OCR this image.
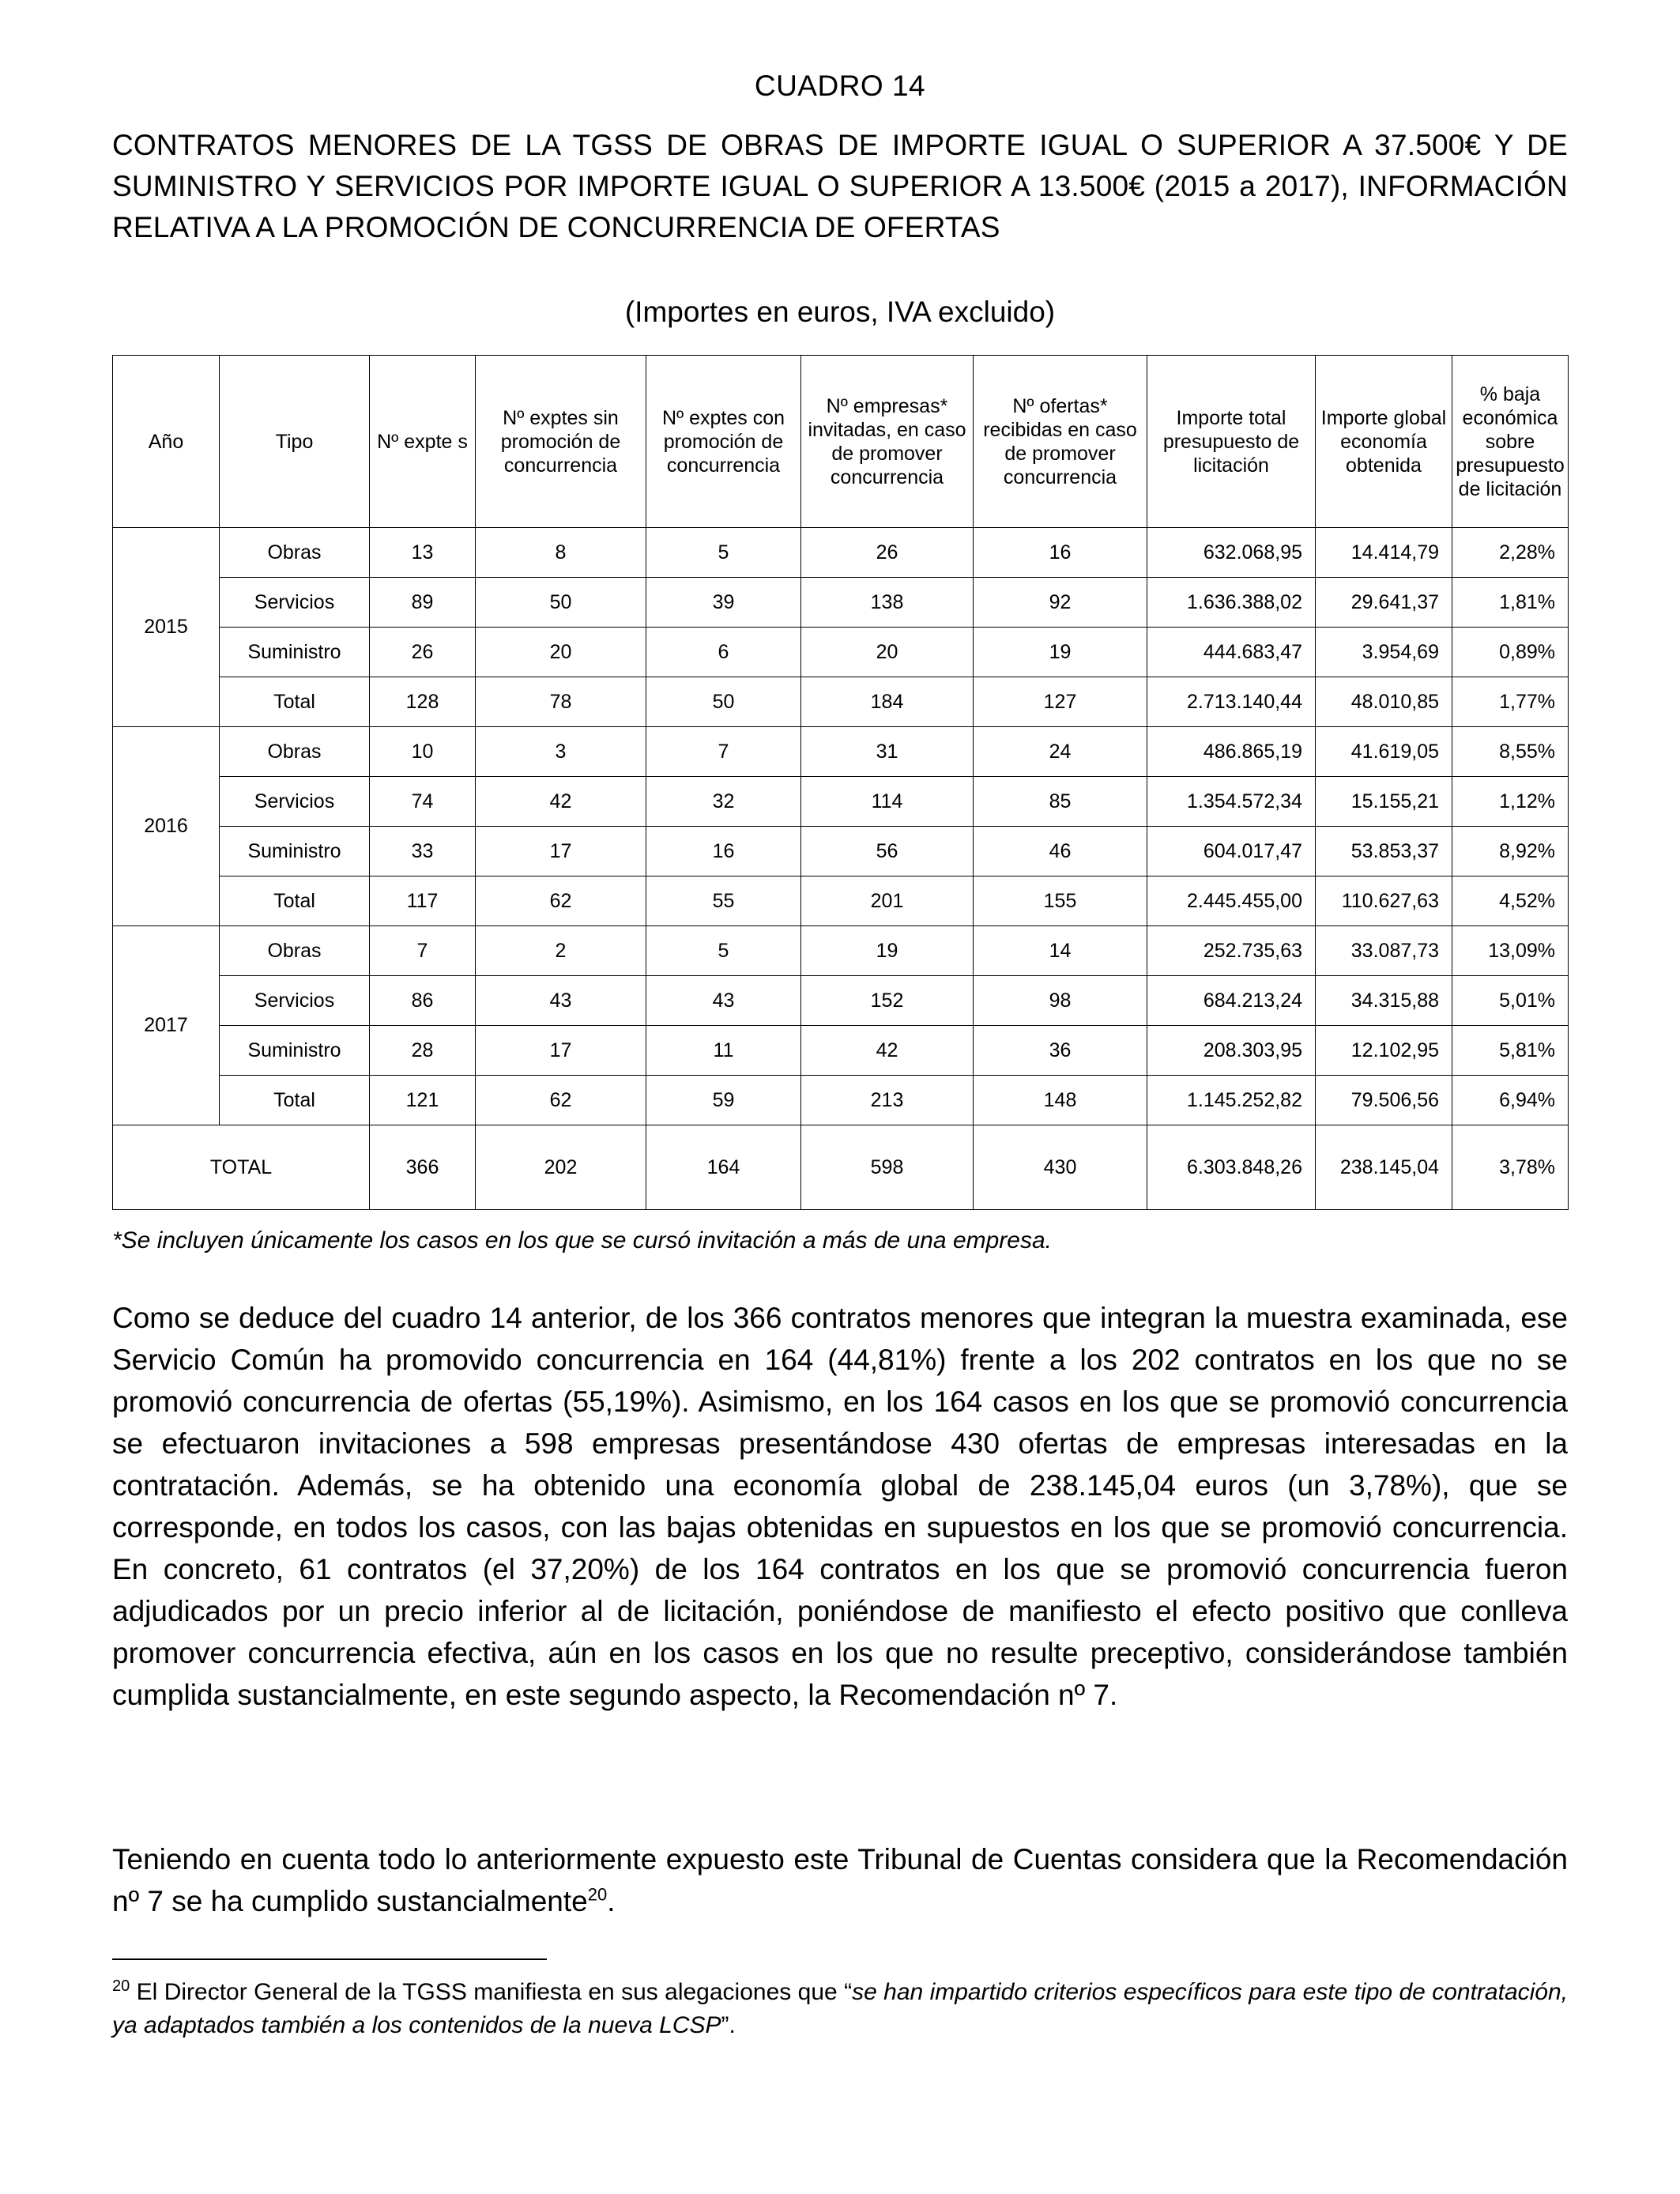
CUADRO 14
CONTRATOS MENORES DE LA TGSS DE OBRAS DE IMPORTE IGUAL O SUPERIOR A 37.500€ Y DE SUMINISTRO Y SERVICIOS POR IMPORTE IGUAL O SUPERIOR A 13.500€ (2015 a 2017), INFORMACIÓN RELATIVA A LA PROMOCIÓN DE CONCURRENCIA DE OFERTAS
(Importes en euros, IVA excluido)
Año	Tipo	Nº expte s	Nº exptes sin promoción de concurrencia	Nº exptes con promoción de concurrencia	Nº empresas* invitadas, en caso de promover concurrencia	Nº ofertas* recibidas en caso de promover concurrencia	Importe total presupuesto de licitación	Importe global economía obtenida	% baja económica sobre presupuesto de licitación
2015	Obras	13	8	5	26	16	632.068,95	14.414,79	2,28%
	Servicios	89	50	39	138	92	1.636.388,02	29.641,37	1,81%
	Suministro	26	20	6	20	19	444.683,47	3.954,69	0,89%
	Total	128	78	50	184	127	2.713.140,44	48.010,85	1,77%
2016	Obras	10	3	7	31	24	486.865,19	41.619,05	8,55%
	Servicios	74	42	32	114	85	1.354.572,34	15.155,21	1,12%
	Suministro	33	17	16	56	46	604.017,47	53.853,37	8,92%
	Total	117	62	55	201	155	2.445.455,00	110.627,63	4,52%
2017	Obras	7	2	5	19	14	252.735,63	33.087,73	13,09%
	Servicios	86	43	43	152	98	684.213,24	34.315,88	5,01%
	Suministro	28	17	11	42	36	208.303,95	12.102,95	5,81%
	Total	121	62	59	213	148	1.145.252,82	79.506,56	6,94%
TOTAL		366	202	164	598	430	6.303.848,26	238.145,04	3,78%
*Se incluyen únicamente los casos en los que se cursó invitación a más de una empresa.

Como se deduce del cuadro 14 anterior, de los 366 contratos menores que integran la muestra examinada, ese Servicio Común ha promovido concurrencia en 164 (44,81%) frente a los 202 contratos en los que no se promovió concurrencia de ofertas (55,19%). Asimismo, en los 164 casos en los que se promovió concurrencia se efectuaron invitaciones a 598 empresas presentándose 430 ofertas de empresas interesadas en la contratación. Además, se ha obtenido una economía global de 238.145,04 euros (un 3,78%), que se corresponde, en todos los casos, con las bajas obtenidas en supuestos en los que se promovió concurrencia. En concreto, 61 contratos (el 37,20%) de los 164 contratos en los que se promovió concurrencia fueron adjudicados por un precio inferior al de licitación, poniéndose de manifiesto el efecto positivo que conlleva promover concurrencia efectiva, aún en los casos en los que no resulte preceptivo, considerándose también cumplida sustancialmente, en este segundo aspecto, la Recomendación nº 7.

Teniendo en cuenta todo lo anteriormente expuesto este Tribunal de Cuentas considera que la Recomendación nº 7 se ha cumplido sustancialmente$^{20}$.

$^{20}$ El Director General de la TGSS manifiesta en sus alegaciones que “se han impartido criterios específicos para este tipo de contratación, ya adaptados también a los contenidos de la nueva LCSP”.
